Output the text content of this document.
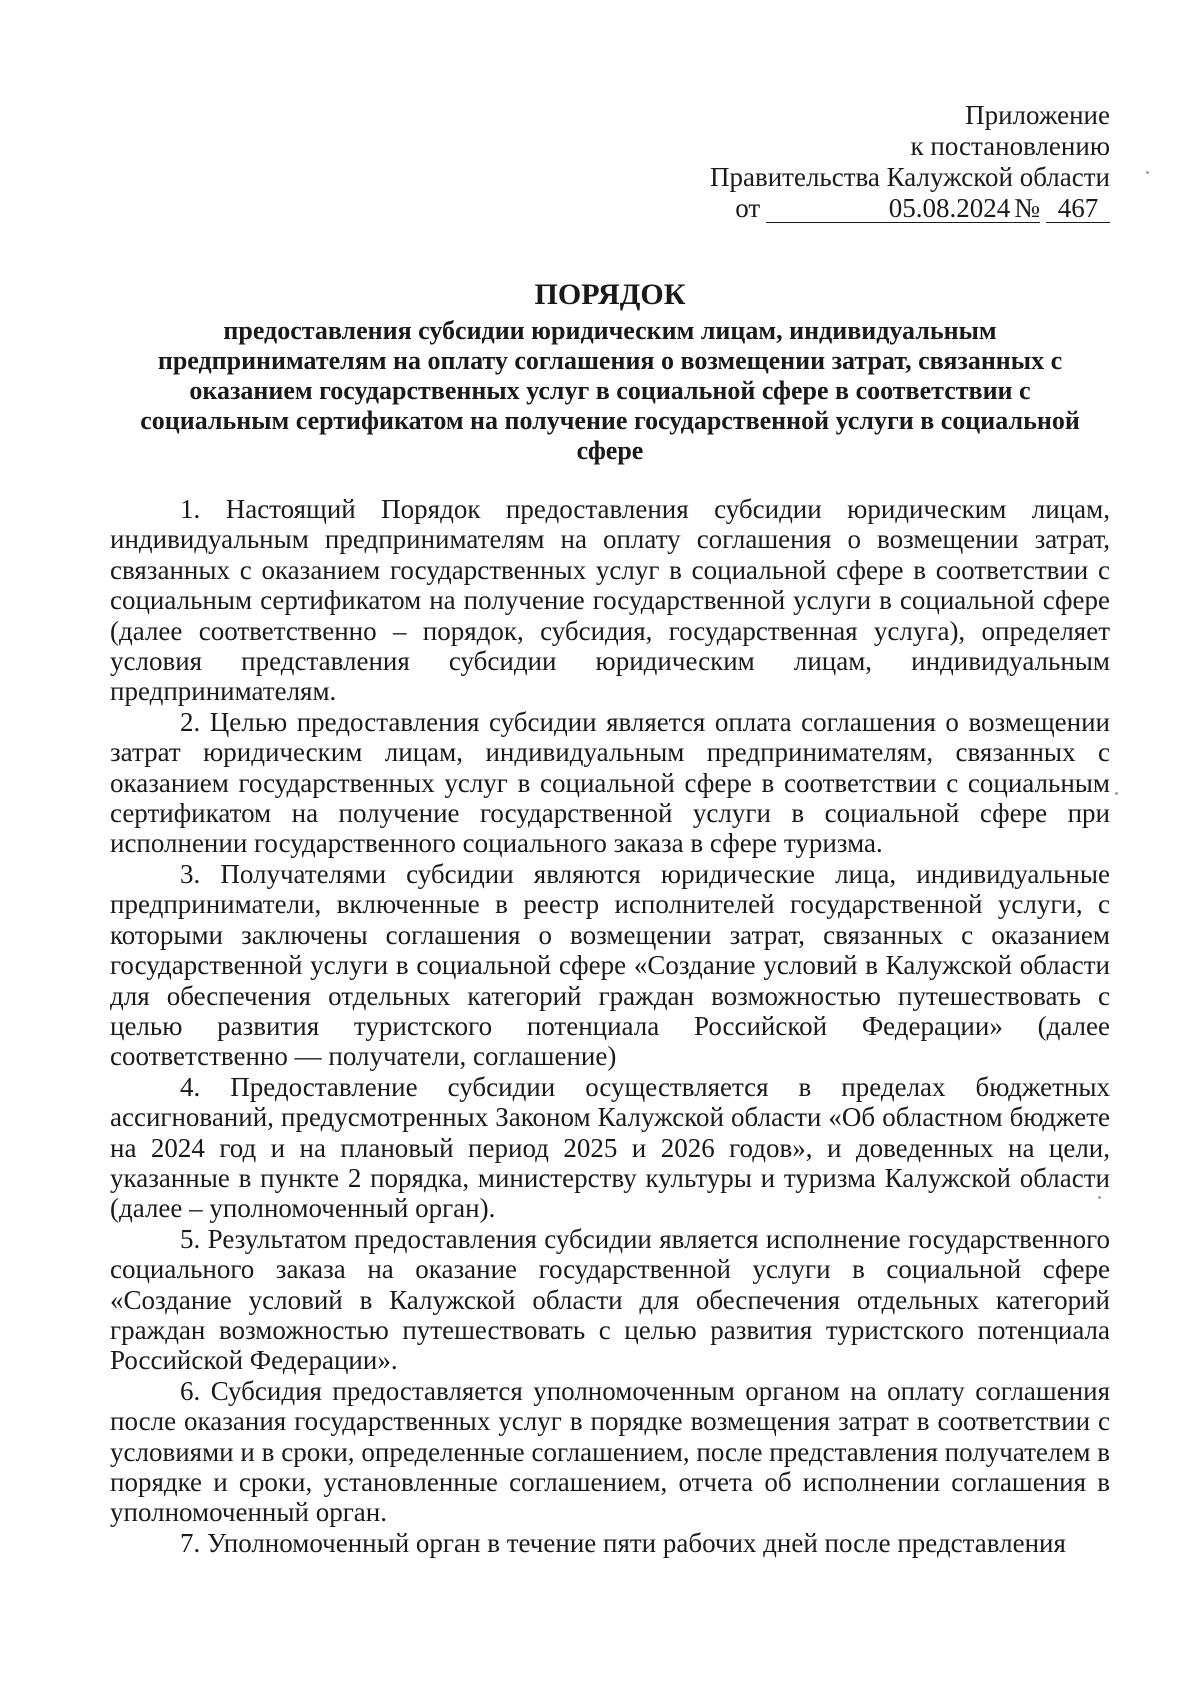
Приложение
к постановлению
Правительства Калужской области
от	05.08.2024 № 467
ПОРЯДОК
предоставления субсидии юридическим лицам, индивидуальным предпринимателям на оплату соглашения о возмещении затрат, связанных с оказанием государственных услуг в социальной сфере в соответствии с социальным сертификатом на получение государственной услуги в социальной сфере

1. Настоящий Порядок предоставления субсидии юридическим лицам, индивидуальным предпринимателям на оплату соглашения о возмещении затрат, связанных с оказанием государственных услуг в социальной сфере в соответствии с социальным сертификатом на получение государственной услуги в социальной сфере (далее соответственно – порядок, субсидия, государственная услуга), определяет условия представления субсидии юридическим лицам, индивидуальным предпринимателям.

2. Целью предоставления субсидии является оплата соглашения о возмещении затрат юридическим лицам, индивидуальным предпринимателям, связанных с оказанием государственных услуг в социальной сфере в соответствии с социальным сертификатом на получение государственной услуги в социальной сфере при исполнении государственного социального заказа в сфере туризма.

3. Получателями субсидии являются юридические лица, индивидуальные предприниматели, включенные в реестр исполнителей государственной услуги, с которыми заключены соглашения о возмещении затрат, связанных с оказанием государственной услуги в социальной сфере «Создание условий в Калужской области для обеспечения отдельных категорий граждан возможностью путешествовать с целью развития туристского потенциала Российской Федерации» (далее соответственно — получатели, соглашение)

4. Предоставление субсидии осуществляется в пределах бюджетных ассигнований, предусмотренных Законом Калужской области «Об областном бюджете на 2024 год и на плановый период 2025 и 2026 годов», и доведенных на цели, указанные в пункте 2 порядка, министерству культуры и туризма Калужской области (далее – уполномоченный орган).

5. Результатом предоставления субсидии является исполнение государственного социального заказа на оказание государственной услуги в социальной сфере «Создание условий в Калужской области для обеспечения отдельных категорий граждан возможностью путешествовать с целью развития туристского потенциала Российской Федерации».

6. Субсидия предоставляется уполномоченным органом на оплату соглашения после оказания государственных услуг в порядке возмещения затрат в соответствии с условиями и в сроки, определенные соглашением, после представления получателем в порядке и сроки, установленные соглашением, отчета об исполнении соглашения в уполномоченный орган.

7. Уполномоченный орган в течение пяти рабочих дней после представления
